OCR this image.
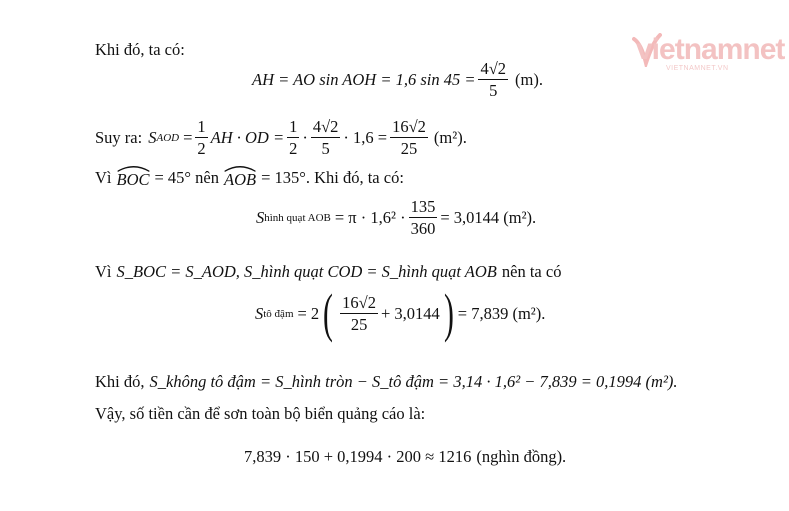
vietnamnet
VIETNAMNET.VN
Khi đó, ta có:
AH = AO sin AOH = 1,6 $\sin 45 = \frac{4√2}{5} (m)$.
Suy ra: S AOD = $\frac{1}{2}$ AH · OD = $\frac{1}{2} \cdot \frac{4√2}{5} \cdot 1,6 = \frac{16√2}{25} (m^2)$.
Vì BOC = 45° nên AOB = 135°. Khi đó, ta có:
S hình quạt AOB = $\pi \cdot 1,6^2 \cdot \frac{135}{360} = 3,0144$ (m²).
Vì S_BOC = S_AOD, S_hình quạt COD = S_hình quạt AOB nên ta có
S tô đậm = 2 ( $\frac{16√2}{25} + 3,0144$ ) = 7,839 (m²).
Khi đó, S_không tô đậm = S_hình tròn − S_tô đậm = 3,14 · 1,6² − 7,839 = 0,1994 (m²).
Vậy, số tiền cần để sơn toàn bộ biển quảng cáo là:
7,839 · 150 + 0,1994 · 200 ≈ 1216 (nghìn đồng).
